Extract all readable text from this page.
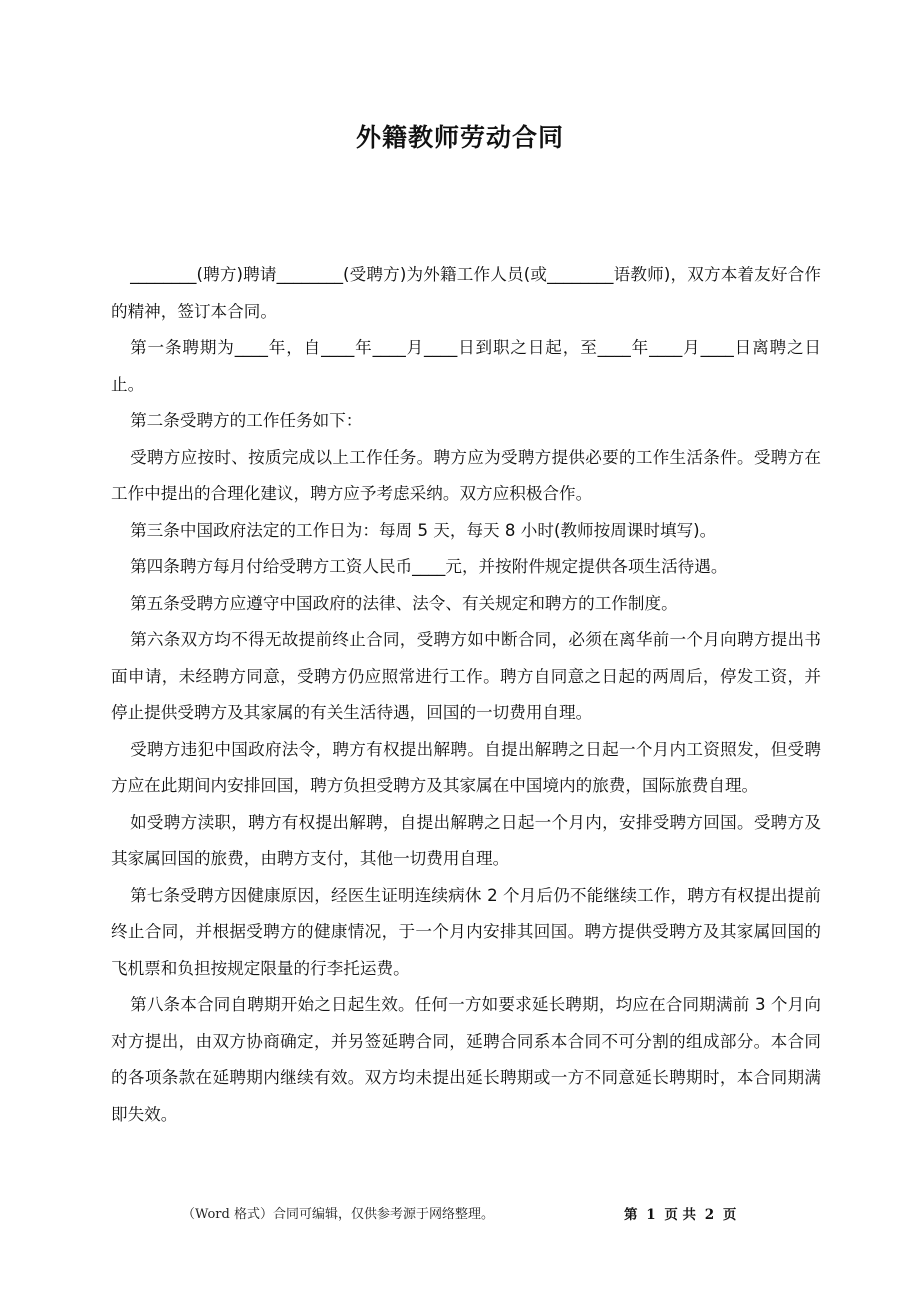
外籍教师劳动合同

________(聘方)聘请________(受聘方)为外籍工作人员(或________语教师)，双方本着友好合作的精神，签订本合同。

第一条聘期为____年，自____年____月____日到职之日起，至____年____月____日离聘之日止。

第二条受聘方的工作任务如下：

受聘方应按时、按质完成以上工作任务。聘方应为受聘方提供必要的工作生活条件。受聘方在工作中提出的合理化建议，聘方应予考虑采纳。双方应积极合作。

第三条中国政府法定的工作日为：每周 5 天，每天 8 小时(教师按周课时填写)。

第四条聘方每月付给受聘方工资人民币____元，并按附件规定提供各项生活待遇。

第五条受聘方应遵守中国政府的法律、法令、有关规定和聘方的工作制度。

第六条双方均不得无故提前终止合同，受聘方如中断合同，必须在离华前一个月向聘方提出书面申请，未经聘方同意，受聘方仍应照常进行工作。聘方自同意之日起的两周后，停发工资，并停止提供受聘方及其家属的有关生活待遇，回国的一切费用自理。

受聘方违犯中国政府法令，聘方有权提出解聘。自提出解聘之日起一个月内工资照发，但受聘方应在此期间内安排回国，聘方负担受聘方及其家属在中国境内的旅费，国际旅费自理。

如受聘方渎职，聘方有权提出解聘，自提出解聘之日起一个月内，安排受聘方回国。受聘方及其家属回国的旅费，由聘方支付，其他一切费用自理。

第七条受聘方因健康原因，经医生证明连续病休 2 个月后仍不能继续工作，聘方有权提出提前终止合同，并根据受聘方的健康情况，于一个月内安排其回国。聘方提供受聘方及其家属回国的飞机票和负担按规定限量的行李托运费。

第八条本合同自聘期开始之日起生效。任何一方如要求延长聘期，均应在合同期满前 3 个月向对方提出，由双方协商确定，并另签延聘合同，延聘合同系本合同不可分割的组成部分。本合同的各项条款在延聘期内继续有效。双方均未提出延长聘期或一方不同意延长聘期时，本合同期满即失效。

（Word 格式）合同可编辑，仅供参考源于网络整理。	第 1 页 共 2 页
